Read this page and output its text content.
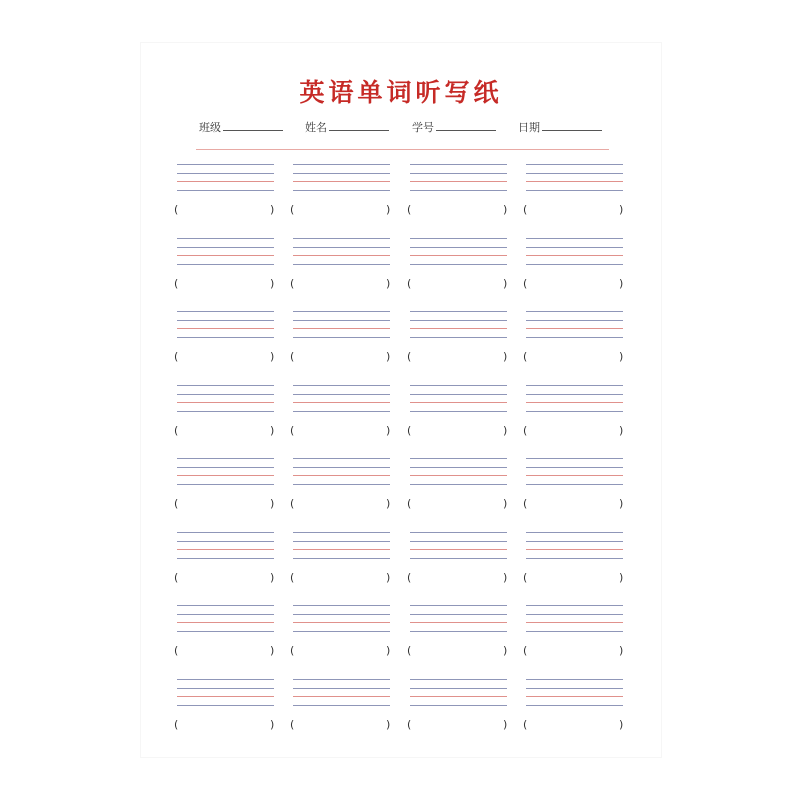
英语单词听写纸
班级	姓名	学号	日期
(	) (	) (	) (	)
(	) (	) (	) (	)
(	) (	) (	) (	)
(	) (	) (	) (	)
(	) (	) (	) (	)
(	) (	) (	) (	)
(	) (	) (	) (	)
(	) (	) (	) (	)
